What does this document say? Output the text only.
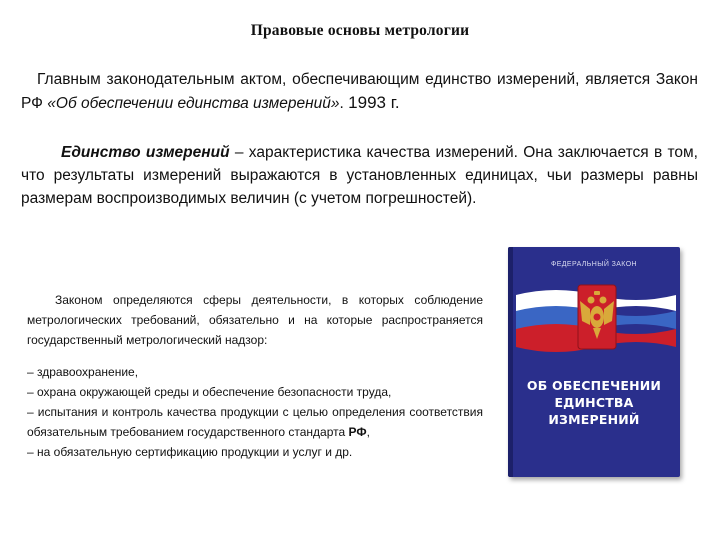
Правовые основы метрологии

Главным законодательным актом, обеспечивающим единство измерений, является Закон РФ «Об обеспечении единства измерений». 1993 г.

Единство измерений – характеристика качества измерений. Она заключается в том, что результаты измерений выражаются в установленных единицах, чьи размеры равны размерам воспроизводимых величин (с учетом погрешностей).

Законом определяются сферы деятельности, в которых соблюдение метрологических требований, обязательно и на которые распространяется государственный метрологический надзор:

– здравоохранение,
– охрана окружающей среды и обеспечение безопасности труда,
– испытания и контроль качества продукции с целью определения соответствия обязательным требованием государственного стандарта РФ,
– на обязательную сертификацию продукции и услуг и др.
ФЕДЕРАЛЬНЫЙ ЗАКОН
ОБ ОБЕСПЕЧЕНИИ
ЕДИНСТВА
ИЗМЕРЕНИЙ
